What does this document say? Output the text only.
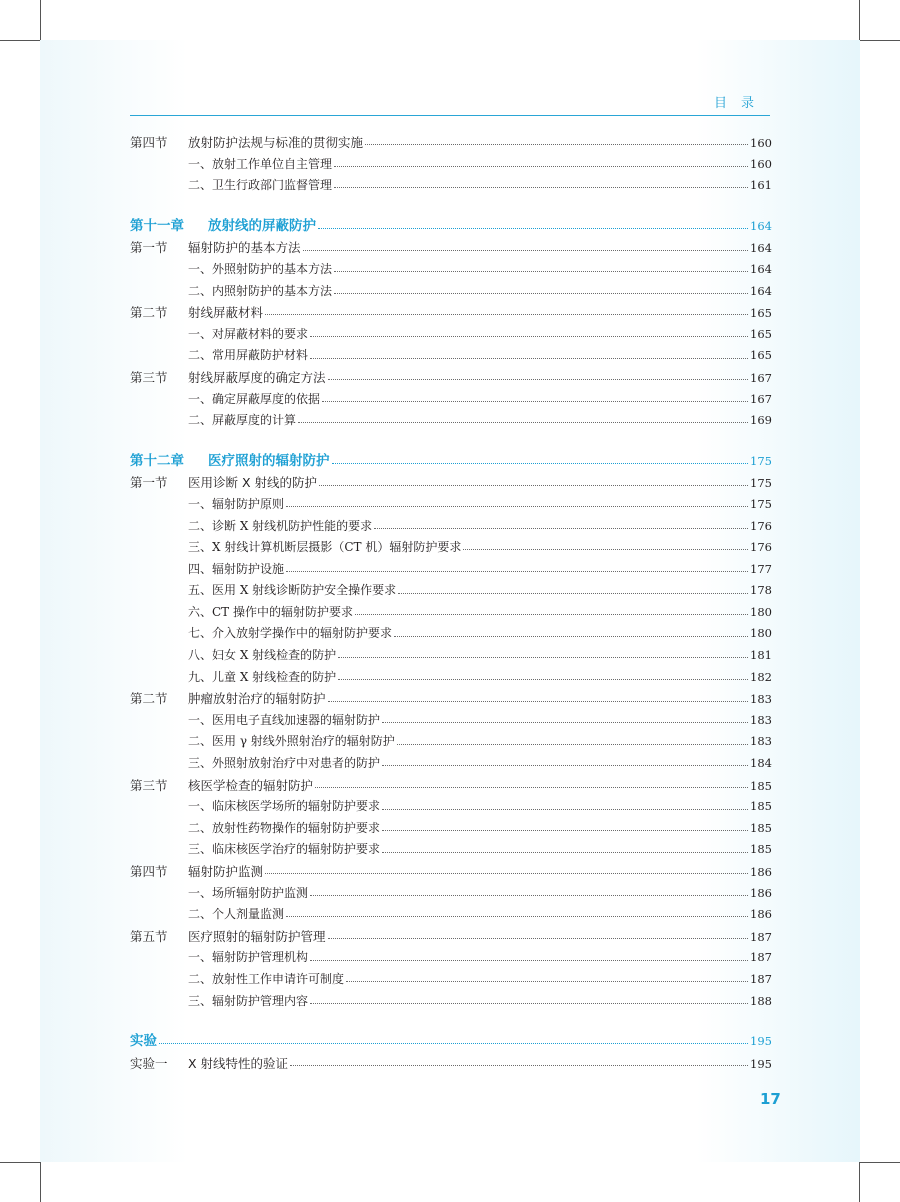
目录
第四节	放射防护法规与标准的贯彻实施	160
一、放射工作单位自主管理	160
二、卫生行政部门监督管理	161
第十一章	放射线的屏蔽防护	164
第一节	辐射防护的基本方法	164
一、外照射防护的基本方法	164
二、内照射防护的基本方法	164
第二节	射线屏蔽材料	165
一、对屏蔽材料的要求	165
二、常用屏蔽防护材料	165
第三节	射线屏蔽厚度的确定方法	167
一、确定屏蔽厚度的依据	167
二、屏蔽厚度的计算	169
第十二章	医疗照射的辐射防护	175
第一节	医用诊断 X 射线的防护	175
一、辐射防护原则	175
二、诊断 X 射线机防护性能的要求	176
三、X 射线计算机断层摄影（CT 机）辐射防护要求	176
四、辐射防护设施	177
五、医用 X 射线诊断防护安全操作要求	178
六、CT 操作中的辐射防护要求	180
七、介入放射学操作中的辐射防护要求	180
八、妇女 X 射线检查的防护	181
九、儿童 X 射线检查的防护	182
第二节	肿瘤放射治疗的辐射防护	183
一、医用电子直线加速器的辐射防护	183
二、医用 γ 射线外照射治疗的辐射防护	183
三、外照射放射治疗中对患者的防护	184
第三节	核医学检查的辐射防护	185
一、临床核医学场所的辐射防护要求	185
二、放射性药物操作的辐射防护要求	185
三、临床核医学治疗的辐射防护要求	185
第四节	辐射防护监测	186
一、场所辐射防护监测	186
二、个人剂量监测	186
第五节	医疗照射的辐射防护管理	187
一、辐射防护管理机构	187
二、放射性工作申请许可制度	187
三、辐射防护管理内容	188
实验	195
实验一	X 射线特性的验证	195
17
